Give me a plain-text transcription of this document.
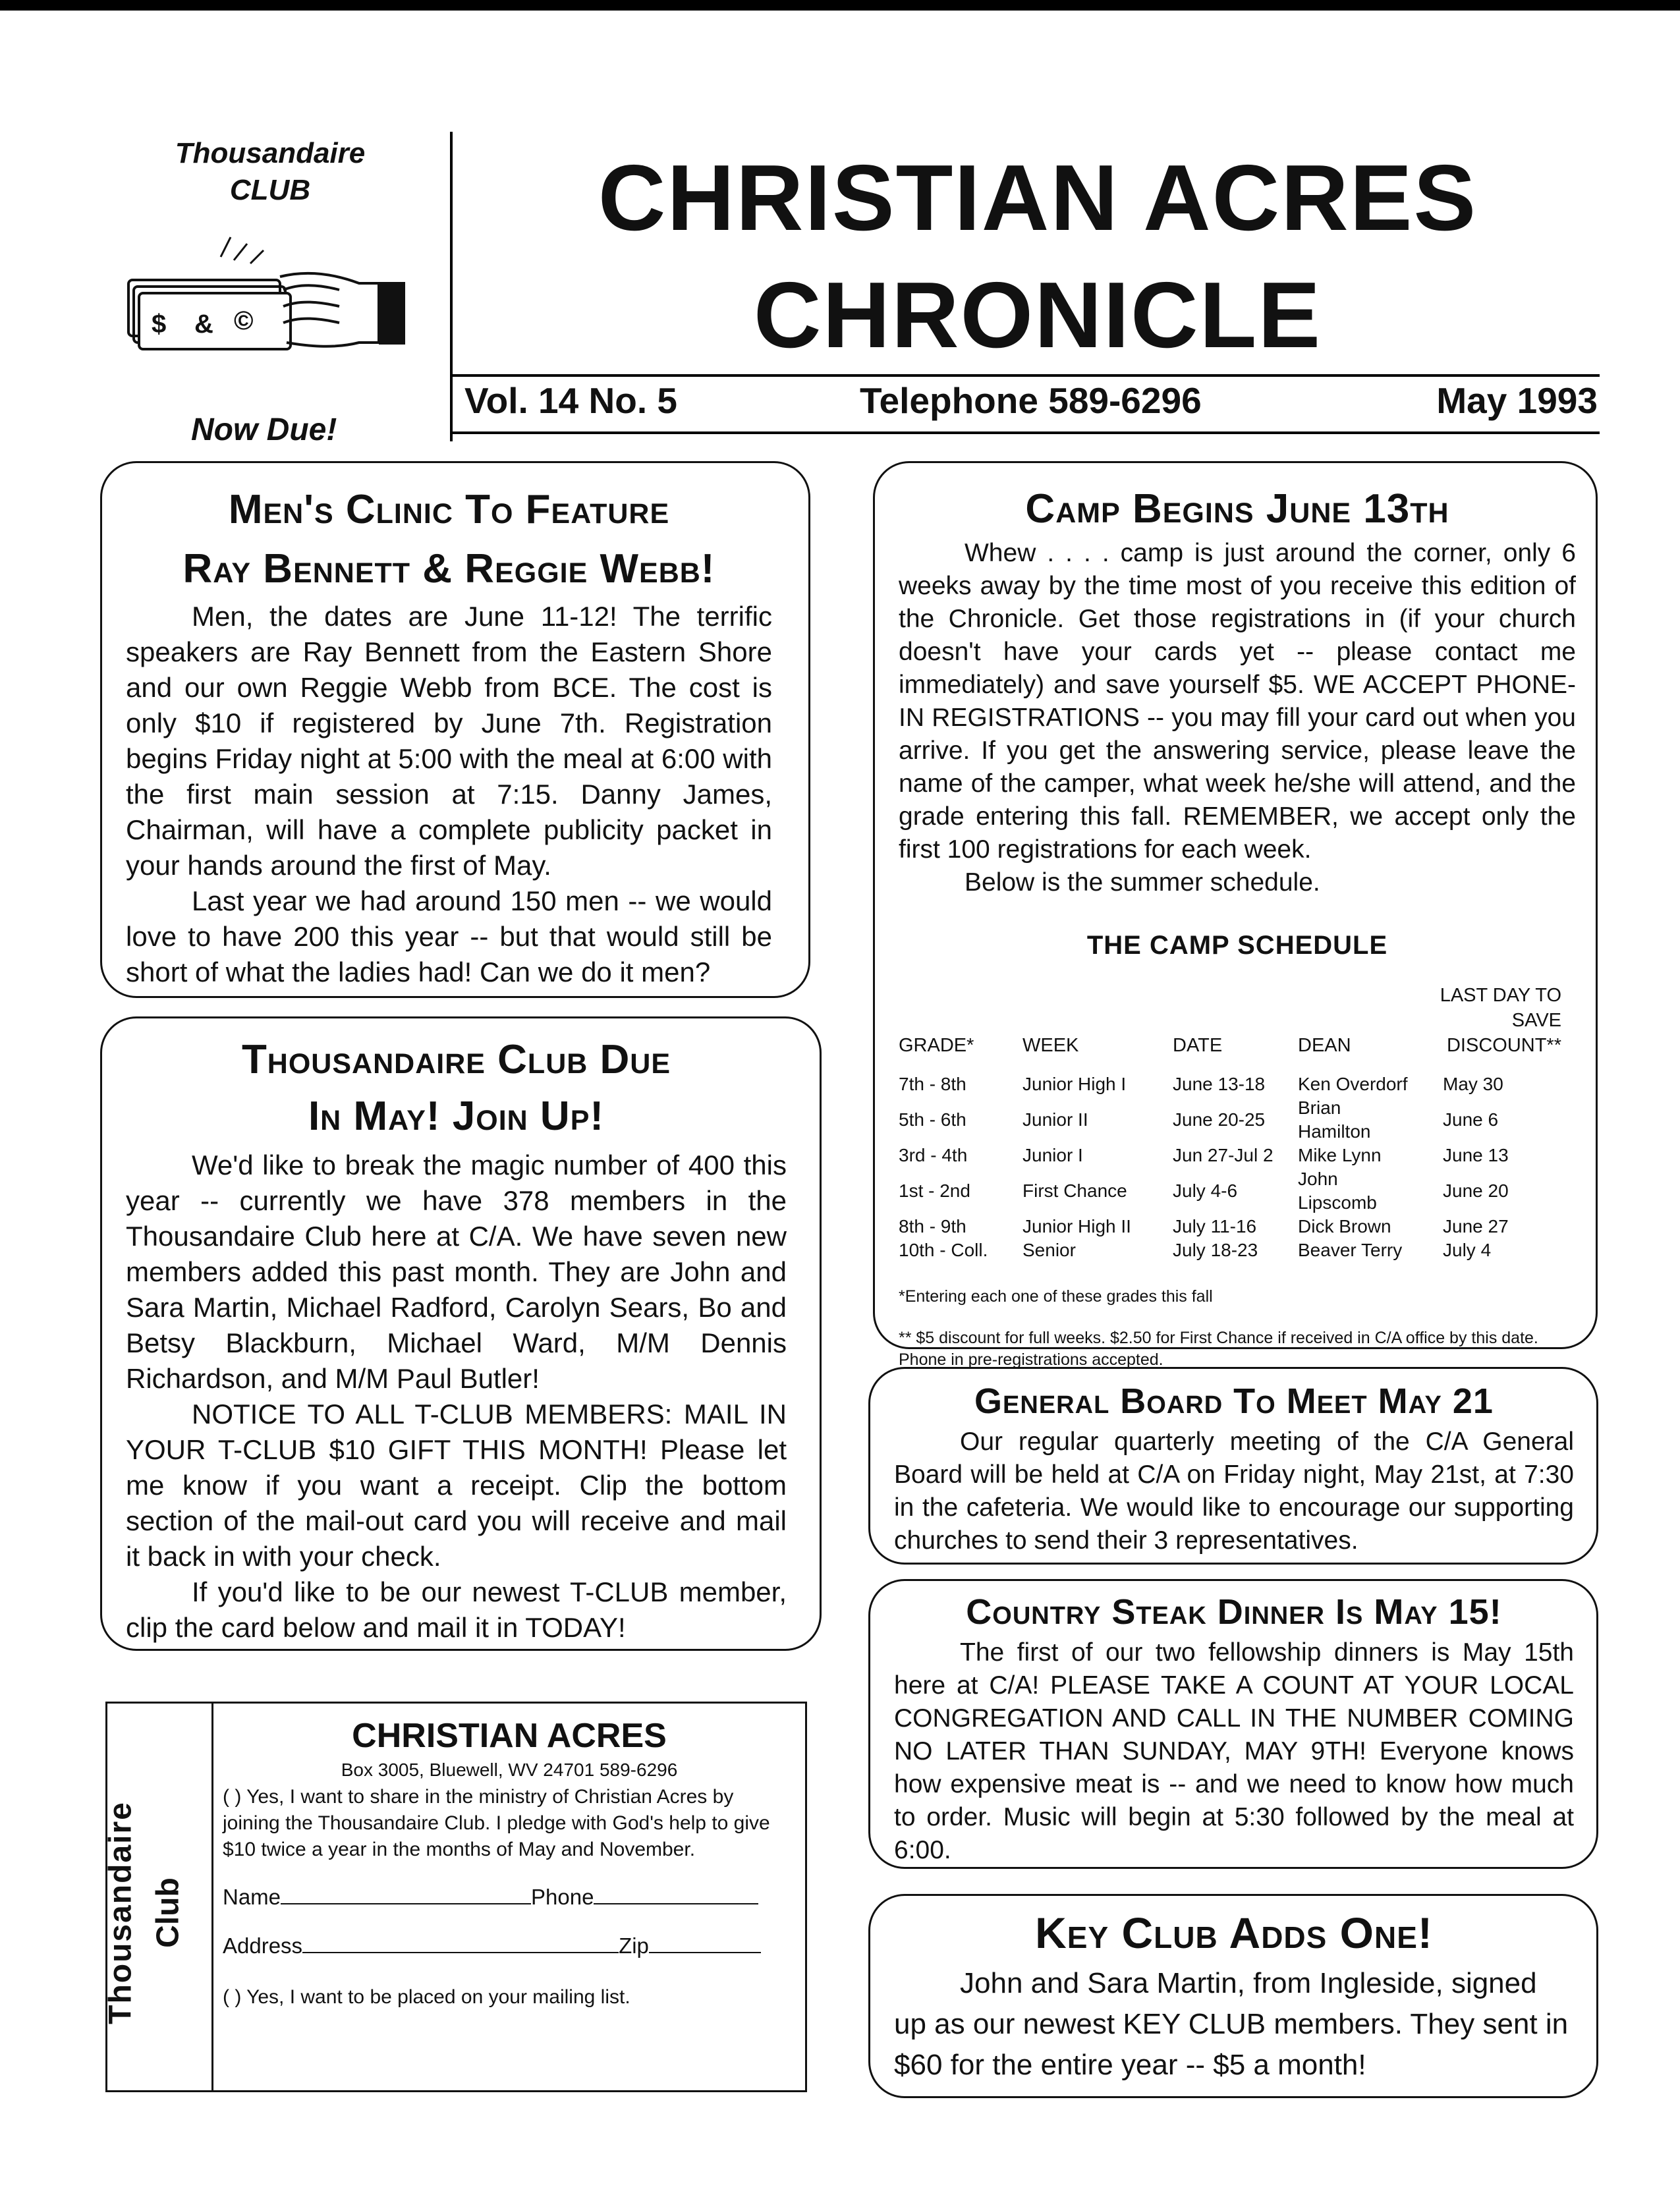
Thousandaire
CLUB
$ & ©
Now Due!
CHRISTIAN ACRES
CHRONICLE
Vol. 14 No. 5	Telephone 589-6296	May 1993
Men's Clinic To Feature
Ray Bennett & Reggie Webb!

Men, the dates are June 11-12! The terrific speakers are Ray Bennett from the Eastern Shore and our own Reggie Webb from BCE. The cost is only $10 if registered by June 7th. Registration begins Friday night at 5:00 with the meal at 6:00 with the first main session at 7:15. Danny James, Chairman, will have a complete publicity packet in your hands around the first of May.

Last year we had around 150 men -- we would love to have 200 this year -- but that would still be short of what the ladies had! Can we do it men?

Thousandaire Club Due
In May! Join Up!

We'd like to break the magic number of 400 this year -- currently we have 378 members in the Thousandaire Club here at C/A. We have seven new members added this past month. They are John and Sara Martin, Michael Radford, Carolyn Sears, Bo and Betsy Blackburn, Michael Ward, M/M Dennis Richardson, and M/M Paul Butler!

NOTICE TO ALL T-CLUB MEMBERS: MAIL IN YOUR T-CLUB $10 GIFT THIS MONTH! Please let me know if you want a receipt. Clip the bottom section of the mail-out card you will receive and mail it back in with your check.

If you'd like to be our newest T-CLUB member, clip the card below and mail it in TODAY!

Thousandaire Club
CHRISTIAN ACRES
Box 3005, Bluewell, WV 24701 589-6296
( ) Yes, I want to share in the ministry of Christian Acres by joining the Thousandaire Club. I pledge with God's help to give $10 twice a year in the months of May and November.
Name	Phone
Address	Zip
( ) Yes, I want to be placed on your mailing list.
Camp Begins June 13th

Whew . . . . camp is just around the corner, only 6 weeks away by the time most of you receive this edition of the Chronicle. Get those registrations in (if your church doesn't have your cards yet -- please contact me immediately) and save yourself $5. WE ACCEPT PHONE-IN REGISTRATIONS -- you may fill your card out when you arrive. If you get the answering service, please leave the name of the camper, what week he/she will attend, and the grade entering this fall. REMEMBER, we accept only the first 100 registrations for each week.

Below is the summer schedule.

THE CAMP SCHEDULE
GRADE*	WEEK	DATE	DEAN	LAST DAY TO SAVE DISCOUNT**
7th - 8th	Junior High I	June 13-18	Ken Overdorf	May 30
5th - 6th	Junior II	June 20-25	Brian Hamilton	June 6
3rd - 4th	Junior I	Jun 27-Jul 2	Mike Lynn	June 13
1st - 2nd	First Chance	July 4-6	John Lipscomb	June 20
8th - 9th	Junior High II	July 11-16	Dick Brown	June 27
10th - Coll.	Senior	July 18-23	Beaver Terry	July 4
*Entering each one of these grades this fall
** $5 discount for full weeks. $2.50 for First Chance if received in C/A office by this date. Phone in pre-registrations accepted.
General Board To Meet May 21

Our regular quarterly meeting of the C/A General Board will be held at C/A on Friday night, May 21st, at 7:30 in the cafeteria. We would like to encourage our supporting churches to send their 3 representatives.

Country Steak Dinner Is May 15!

The first of our two fellowship dinners is May 15th here at C/A! PLEASE TAKE A COUNT AT YOUR LOCAL CONGREGATION AND CALL IN THE NUMBER COMING NO LATER THAN SUNDAY, MAY 9TH! Everyone knows how expensive meat is -- and we need to know how much to order. Music will begin at 5:30 followed by the meal at 6:00.

Key Club Adds One!

John and Sara Martin, from Ingleside, signed up as our newest KEY CLUB members. They sent in $60 for the entire year -- $5 a month!
